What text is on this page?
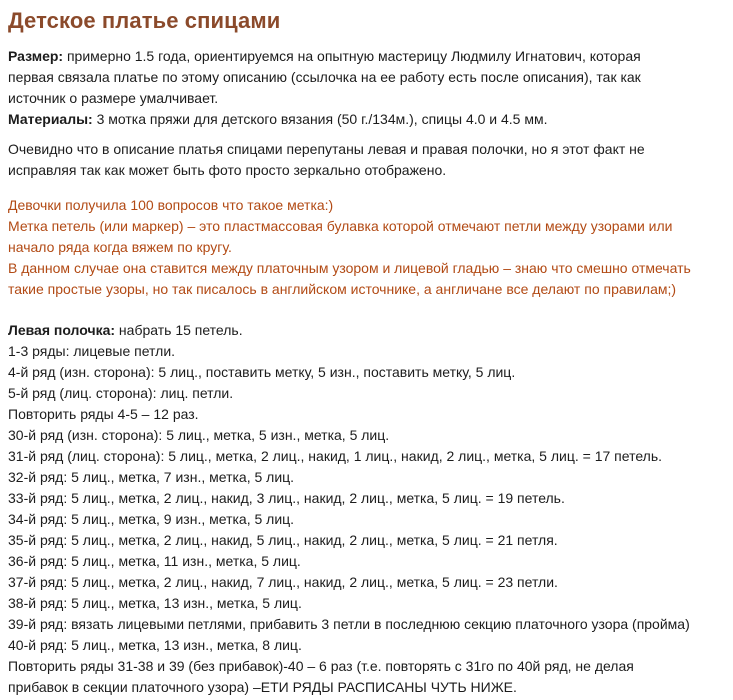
Детское платье спицами

Размер: примерно 1.5 года, ориентируемся на опытную мастерицу Людмилу Игнатович, которая
первая связала платье по этому описанию (ссылочка на ее работу есть после описания), так как
источник о размере умалчивает.

Материалы: 3 мотка пряжи для детского вязания (50 г./134м.), спицы 4.0 и 4.5 мм.

Очевидно что в описание платья спицами перепутаны левая и правая полочки, но я этот факт не
исправляя так как может быть фото просто зеркально отображено.

Девочки получила 100 вопросов что такое метка:)
Метка петель (или маркер) – это пластмассовая булавка которой отмечают петли между узорами или
начало ряда когда вяжем по кругу.
В данном случае она ставится между платочным узором и лицевой гладью – знаю что смешно отмечать
такие простые узоры, но так писалось в английском источнике, а англичане все делают по правилам;)

Левая полочка: набрать 15 петель.
1-3 ряды: лицевые петли.
4-й ряд (изн. сторона): 5 лиц., поставить метку, 5 изн., поставить метку, 5 лиц.
5-й ряд (лиц. сторона): лиц. петли.
Повторить ряды 4-5 – 12 раз.
30-й ряд (изн. сторона): 5 лиц., метка, 5 изн., метка, 5 лиц.
31-й ряд (лиц. сторона): 5 лиц., метка, 2 лиц., накид, 1 лиц., накид, 2 лиц., метка, 5 лиц. = 17 петель.
32-й ряд: 5 лиц., метка, 7 изн., метка, 5 лиц.
33-й ряд: 5 лиц., метка, 2 лиц., накид, 3 лиц., накид, 2 лиц., метка, 5 лиц. = 19 петель.
34-й ряд: 5 лиц., метка, 9 изн., метка, 5 лиц.
35-й ряд: 5 лиц., метка, 2 лиц., накид, 5 лиц., накид, 2 лиц., метка, 5 лиц. = 21 петля.
36-й ряд: 5 лиц., метка, 11 изн., метка, 5 лиц.
37-й ряд: 5 лиц., метка, 2 лиц., накид, 7 лиц., накид, 2 лиц., метка, 5 лиц. = 23 петли.
38-й ряд: 5 лиц., метка, 13 изн., метка, 5 лиц.
39-й ряд: вязать лицевыми петлями, прибавить 3 петли в последнюю секцию платочного узора (пройма)
40-й ряд: 5 лиц., метка, 13 изн., метка, 8 лиц.
Повторить ряды 31-38 и 39 (без прибавок)-40 – 6 раз (т.е. повторять с 31го по 40й ряд, не делая
прибавок в секции платочного узора) –ЕТИ РЯДЫ РАСПИСАНЫ ЧУТЬ НИЖЕ.
